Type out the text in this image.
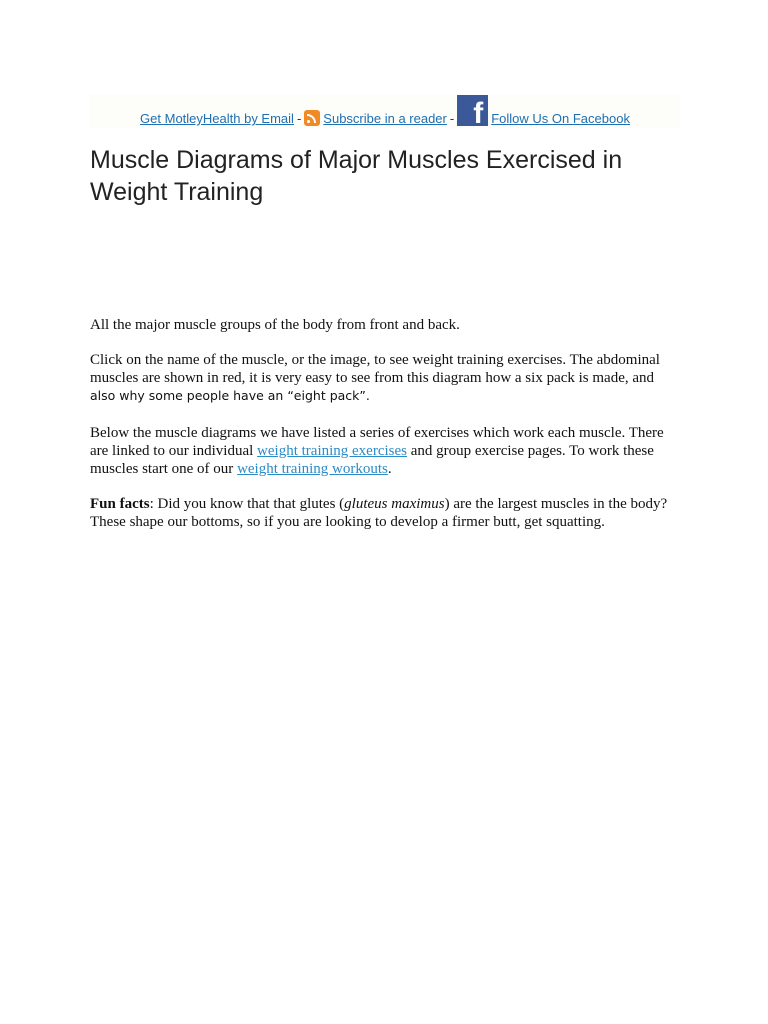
Get MotleyHealth by Email - Subscribe in a reader - f Follow Us On Facebook
Muscle Diagrams of Major Muscles Exercised in Weight Training

All the major muscle groups of the body from front and back.

Click on the name of the muscle, or the image, to see weight training exercises. The abdominal muscles are shown in red, it is very easy to see from this diagram how a six pack is made, and also why some people have an “eight pack”.

Below the muscle diagrams we have listed a series of exercises which work each muscle. There are linked to our individual weight training exercises and group exercise pages. To work these muscles start one of our weight training workouts.

Fun facts: Did you know that that glutes (gluteus maximus) are the largest muscles in the body? These shape our bottoms, so if you are looking to develop a firmer butt, get squatting.
